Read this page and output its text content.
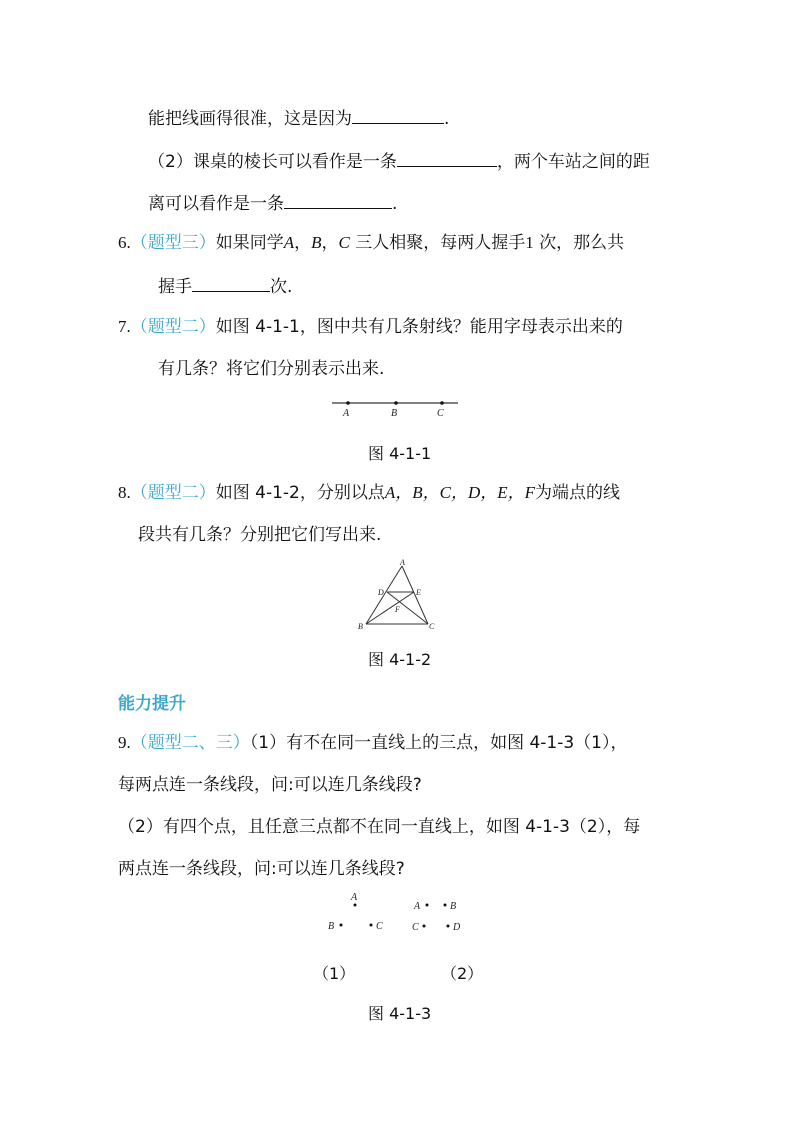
能把线画得很准，这是因为	.
（2）课桌的棱长可以看作是一条	，两个车站之间的距
离可以看作是一条	.
6.（题型三）如果同学A，B，C 三人相聚，每两人握手1 次，那么共
握手	次.
7.（题型二）如图 4-1-1，图中共有几条射线？能用字母表示出来的
有几条？将它们分别表示出来.
A	B	C
图 4-1-1
8.（题型二）如图 4-1-2，分别以点A，B，C，D，E，F为端点的线
段共有几条？分别把它们写出来.
A
B	C
D	E
F
图 4-1-2
能力提升
9.（题型二、三）（1）有不在同一直线上的三点，如图 4-1-3（1），
每两点连一条线段，问:可以连几条线段?
（2）有四个点，且任意三点都不在同一直线上，如图 4-1-3（2），每
两点连一条线段，问:可以连几条线段?
A
B	C
A	B
C	D
（1）	（2）
图 4-1-3
